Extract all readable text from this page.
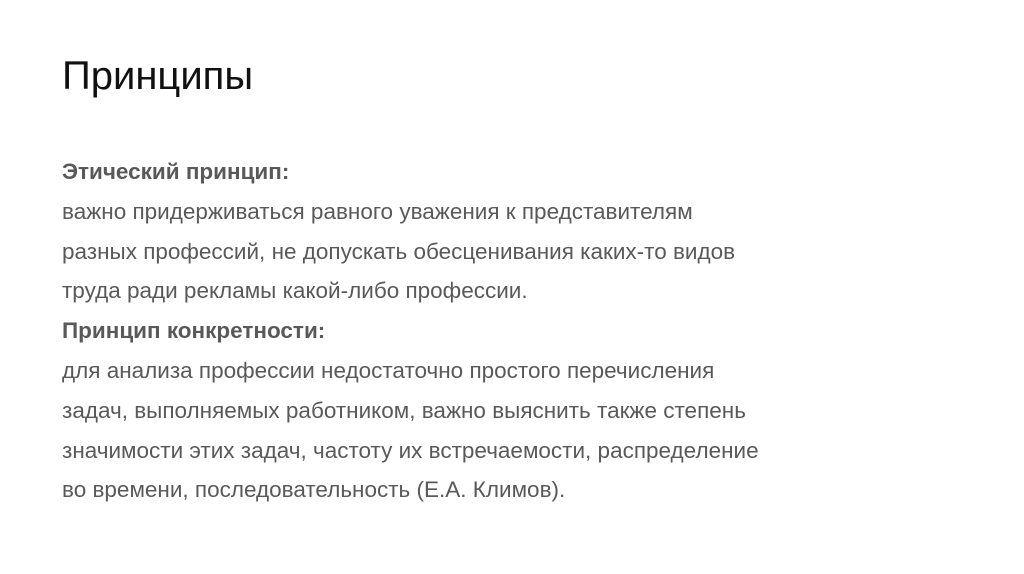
Принципы

Этический принцип:

важно придерживаться равного уважения к представителям
разных профессий, не допускать обесценивания каких-то видов
труда ради рекламы какой-либо профессии.

Принцип конкретности:

для анализа профессии недостаточно простого перечисления
задач, выполняемых работником, важно выяснить также степень
значимости этих задач, частоту их встречаемости, распределение
во времени, последовательность (Е.А. Климов).
